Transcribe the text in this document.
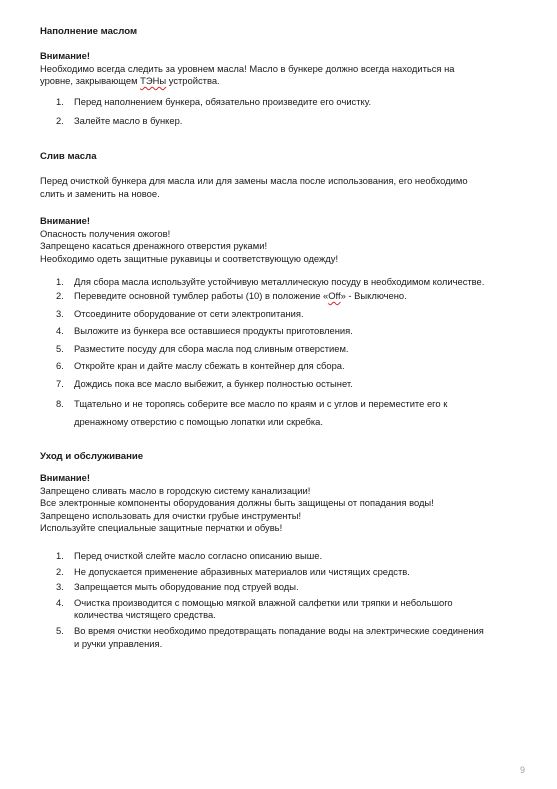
Наполнение маслом
Внимание!
Необходимо всегда следить за уровнем масла! Масло в бункере должно всегда находиться на
уровне, закрывающем ТЭНы устройства.
1.	Перед наполнением бункера, обязательно произведите его очистку.
2.	Залейте масло в бункер.
Слив масла
Перед очисткой бункера для масла или для замены масла после использования, его необходимо
слить и заменить на новое.
Внимание!
Опасность получения ожогов!
Запрещено касаться дренажного отверстия руками!
Необходимо одеть защитные рукавицы и соответствующую одежду!
1.	Для сбора масла используйте устойчивую металлическую посуду в необходимом количестве.
2.	Переведите основной тумблер работы (10) в положение «Off» - Выключено.
3.	Отсоедините оборудование от сети электропитания.
4.	Выложите из бункера все оставшиеся продукты приготовления.
5.	Разместите посуду для сбора масла под сливным отверстием.
6.	Откройте кран и дайте маслу сбежать в контейнер для сбора.
7.	Дождись пока все масло выбежит, а бункер полностью остынет.
8.	Тщательно и не торопясь соберите все масло по краям и с углов и переместите его к
дренажному отверстию с помощью лопатки или скребка.
Уход и обслуживание
Внимание!
Запрещено сливать масло в городскую систему канализации!
Все электронные компоненты оборудования должны быть защищены от попадания воды!
Запрещено использовать для очистки грубые инструменты!
Используйте специальные защитные перчатки и обувь!
1.	Перед очисткой слейте масло согласно описанию выше.
2.	Не допускается применение абразивных материалов или чистящих средств.
3.	Запрещается мыть оборудование под струей воды.
4.	Очистка производится с помощью мягкой влажной салфетки или тряпки и небольшого
количества чистящего средства.
5.	Во время очистки необходимо предотвращать попадание воды на электрические соединения
и ручки управления.
9
